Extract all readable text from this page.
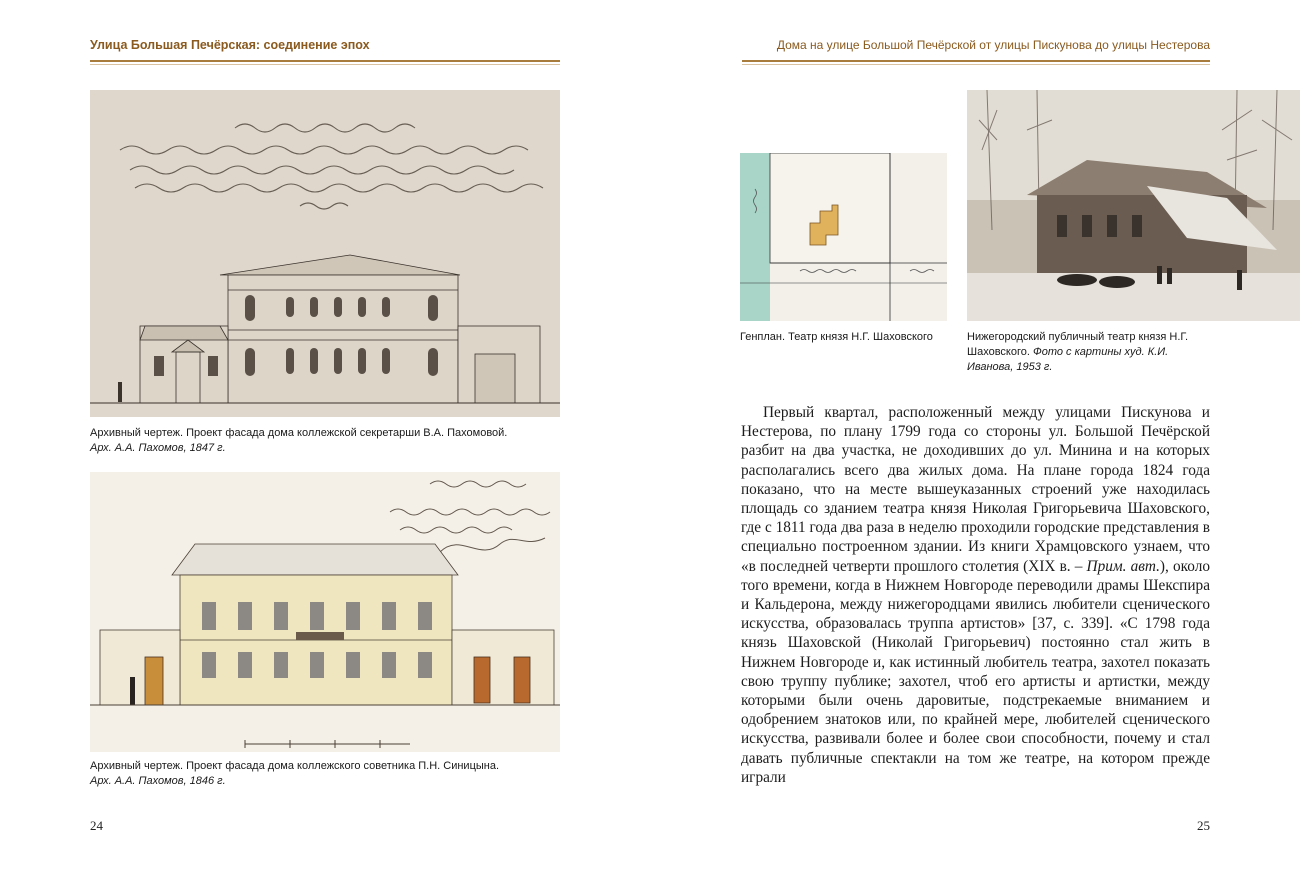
Улица Большая Печёрская: соединение эпох
Архивный чертеж. Проект фасада дома коллежской секретарши В.А. Пахомовой.
Арх. А.А. Пахомов, 1847 г.
Архивный чертеж. Проект фасада дома коллежского советника П.Н. Синицына.
Арх. А.А. Пахомов, 1846 г.
24
Дома на улице Большой Печёрской от улицы Пискунова до улицы Нестерова
Генплан. Театр князя Н.Г. Шаховского	Нижегородский публичный театр князя Н.Г. Шаховского. Фото с картины худ. К.И. Иванова, 1953 г.

Первый квартал, расположенный между улицами Пискунова и Нестерова, по плану 1799 года со стороны ул. Большой Печёрской разбит на два участка, не доходивших до ул. Минина и на которых располагались всего два жилых дома. На плане города 1824 года показано, что на месте вышеуказанных строений уже находилась площадь со зданием театра князя Николая Григорьевича Шаховского, где с 1811 года два раза в неделю проходили городские представления в специально построенном здании. Из книги Храмцовского узнаем, что «в последней четверти прошлого столетия (XIX в. – Прим. авт.), около того времени, когда в Нижнем Новгороде переводили драмы Шекспира и Кальдерона, между нижегородцами явились любители сценического искусства, образовалась труппа артистов» [37, с. 339]. «С 1798 года князь Шаховской (Николай Григорьевич) постоянно стал жить в Нижнем Новгороде и, как истинный любитель театра, захотел показать свою труппу публике; захотел, чтоб его артисты и артистки, между которыми были очень даровитые, подстрекаемые вниманием и одобрением знатоков или, по крайней мере, любителей сценического искусства, развивали более и более свои способности, почему и стал давать публичные спектакли на том же театре, на котором прежде играли

25
